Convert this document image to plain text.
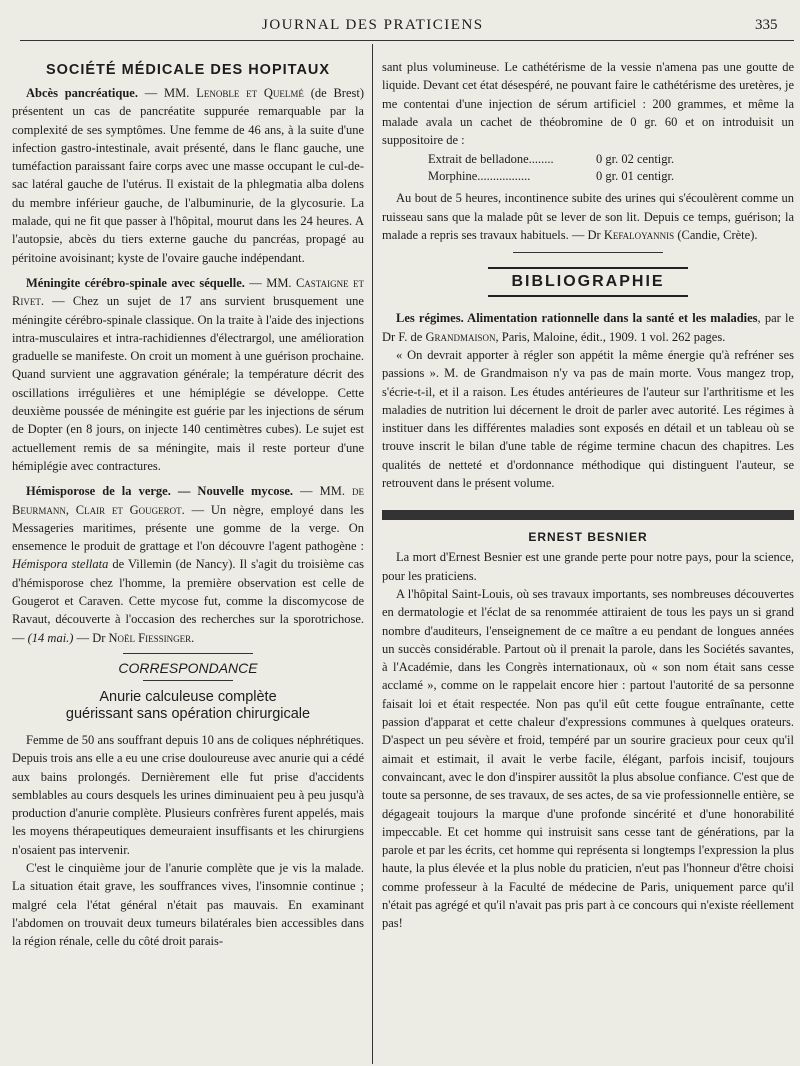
JOURNAL DES PRATICIENS	335
SOCIÉTÉ MÉDICALE DES HOPITAUX

Abcès pancréatique. — MM. Lenoble et Quelmé (de Brest) présentent un cas de pancréatite suppurée remarquable par la complexité de ses symptômes. Une femme de 46 ans, à la suite d'une infection gastro-intestinale, avait présenté, dans le flanc gauche, une tuméfaction paraissant faire corps avec une masse occupant le cul-de-sac latéral gauche de l'utérus. Il existait de la phlegmatia alba dolens du membre inférieur gauche, de l'albuminurie, de la glycosurie. La malade, qui ne fit que passer à l'hôpital, mourut dans les 24 heures. A l'autopsie, abcès du tiers externe gauche du pancréas, propagé au péritoine avoisinant; kyste de l'ovaire gauche indépendant.

Méningite cérébro-spinale avec séquelle. — MM. Castaigne et Rivet. — Chez un sujet de 17 ans survient brusquement une méningite cérébro-spinale classique. On la traite à l'aide des injections intra-musculaires et intra-rachidiennes d'électrargol, une amélioration graduelle se manifeste. On croit un moment à une guérison prochaine. Quand survient une aggravation générale; la température décrit des oscillations irrégulières et une hémiplégie se développe. Cette deuxième poussée de méningite est guérie par les injections de sérum de Dopter (en 8 jours, on injecte 140 centimètres cubes). Le sujet est actuellement remis de sa méningite, mais il reste porteur d'une hémiplégie avec contractures.

Hémisporose de la verge. — Nouvelle mycose. — MM. de Beurmann, Clair et Gougerot. — Un nègre, employé dans les Messageries maritimes, présente une gomme de la verge. On ensemence le produit de grattage et l'on découvre l'agent pathogène : Hémispora stellata de Villemin (de Nancy). Il s'agit du troisième cas d'hémisporose chez l'homme, la première observation est celle de Gougerot et Caraven. Cette mycose fut, comme la discomycose de Ravaut, découverte à l'occasion des recherches sur la sporotrichose. — (14 mai.) — Dr Noël Fiessinger.

CORRESPONDANCE
Anurie calculeuse complète
guérissant sans opération chirurgicale

Femme de 50 ans souffrant depuis 10 ans de coliques néphrétiques. Depuis trois ans elle a eu une crise douloureuse avec anurie qui a cédé aux bains prolongés. Dernièrement elle fut prise d'accidents semblables au cours desquels les urines diminuaient peu à peu jusqu'à production d'anurie complète. Plusieurs confrères furent appelés, mais les moyens thérapeutiques demeuraient insuffisants et les chirurgiens n'osaient pas intervenir.

C'est le cinquième jour de l'anurie complète que je vis la malade. La situation était grave, les souffrances vives, l'insomnie continue ; malgré cela l'état général n'était pas mauvais. En examinant l'abdomen on trouvait deux tumeurs bilatérales bien accessibles dans la région rénale, celle du côté droit parais-

sant plus volumineuse. Le cathétérisme de la vessie n'amena pas une goutte de liquide. Devant cet état désespéré, ne pouvant faire le cathétérisme des uretères, je me contentai d'une injection de sérum artificiel : 200 grammes, et même la malade avala un cachet de théobromine de 0 gr. 60 et on introduisit un suppositoire de :

Extrait de belladone........	0 gr. 02 centigr.
Morphine.................	0 gr. 01 centigr.

Au bout de 5 heures, incontinence subite des urines qui s'écoulèrent comme un ruisseau sans que la malade pût se lever de son lit. Depuis ce temps, guérison; la malade a repris ses travaux habituels. — Dr Kefaloyannis (Candie, Crète).

BIBLIOGRAPHIE

Les régimes. Alimentation rationnelle dans la santé et les maladies, par le Dr F. de Grandmaison, Paris, Maloine, édit., 1909. 1 vol. 262 pages.

« On devrait apporter à régler son appétit la même énergie qu'à refréner ses passions ». M. de Grandmaison n'y va pas de main morte. Vous mangez trop, s'écrie-t-il, et il a raison. Les études antérieures de l'auteur sur l'arthritisme et les maladies de nutrition lui décernent le droit de parler avec autorité. Les régimes à instituer dans les différentes maladies sont exposés en détail et un tableau où se trouve inscrit le bilan d'une table de régime termine chacun des chapitres. Les qualités de netteté et d'ordonnance méthodique qui distinguent l'auteur, se retrouvent dans le présent volume.

ERNEST BESNIER

La mort d'Ernest Besnier est une grande perte pour notre pays, pour la science, pour les praticiens.

A l'hôpital Saint-Louis, où ses travaux importants, ses nombreuses découvertes en dermatologie et l'éclat de sa renommée attiraient de tous les pays un si grand nombre d'auditeurs, l'enseignement de ce maître a eu pendant de longues années un succès considérable. Partout où il prenait la parole, dans les Sociétés savantes, à l'Académie, dans les Congrès internationaux, où « son nom était sans cesse acclamé », comme on le rappelait encore hier : partout l'autorité de sa personne faisait loi et était respectée. Non pas qu'il eût cette fougue entraînante, cette passion d'apparat et cette chaleur d'expressions communes à quelques orateurs. D'aspect un peu sévère et froid, tempéré par un sourire gracieux pour ceux qu'il aimait et estimait, il avait le verbe facile, élégant, parfois incisif, toujours convaincant, avec le don d'inspirer aussitôt la plus absolue confiance. C'est que de toute sa personne, de ses travaux, de ses actes, de sa vie professionnelle entière, se dégageait toujours la marque d'une profonde sincérité et d'une honorabilité impeccable. Et cet homme qui instruisit sans cesse tant de générations, par la parole et par les écrits, cet homme qui représenta si longtemps l'expression la plus haute, la plus élevée et la plus noble du praticien, n'eut pas l'honneur d'être choisi comme professeur à la Faculté de médecine de Paris, uniquement parce qu'il n'était pas agrégé et qu'il n'avait pas pris part à ce concours qui n'existe réellement pas!
